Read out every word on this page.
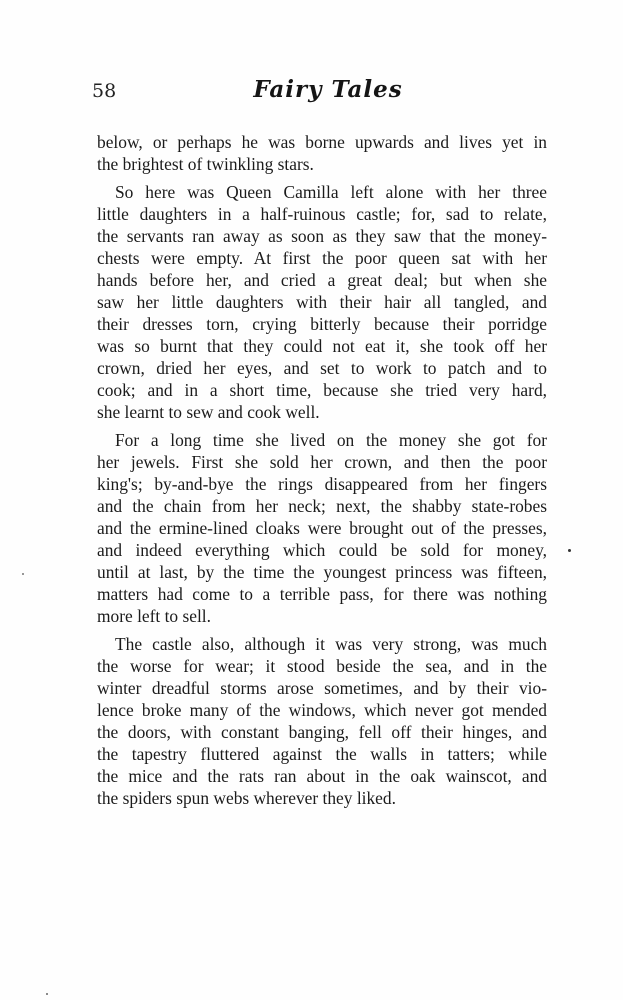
58	Fairy Tales
below, or perhaps he was borne upwards and lives yet in
the brightest of twinkling stars.
So here was Queen Camilla left alone with her three
little daughters in a half-ruinous castle; for, sad to relate,
the servants ran away as soon as they saw that the money-
chests were empty. At first the poor queen sat with her
hands before her, and cried a great deal; but when she
saw her little daughters with their hair all tangled, and
their dresses torn, crying bitterly because their porridge
was so burnt that they could not eat it, she took off her
crown, dried her eyes, and set to work to patch and to
cook; and in a short time, because she tried very hard,
she learnt to sew and cook well.
For a long time she lived on the money she got for
her jewels. First she sold her crown, and then the poor
king's; by-and-bye the rings disappeared from her fingers
and the chain from her neck; next, the shabby state-robes
and the ermine-lined cloaks were brought out of the presses,
and indeed everything which could be sold for money,
until at last, by the time the youngest princess was fifteen,
matters had come to a terrible pass, for there was nothing
more left to sell.
The castle also, although it was very strong, was much
the worse for wear; it stood beside the sea, and in the
winter dreadful storms arose sometimes, and by their vio-
lence broke many of the windows, which never got mended
the doors, with constant banging, fell off their hinges, and
the tapestry fluttered against the walls in tatters; while
the mice and the rats ran about in the oak wainscot, and
the spiders spun webs wherever they liked.
